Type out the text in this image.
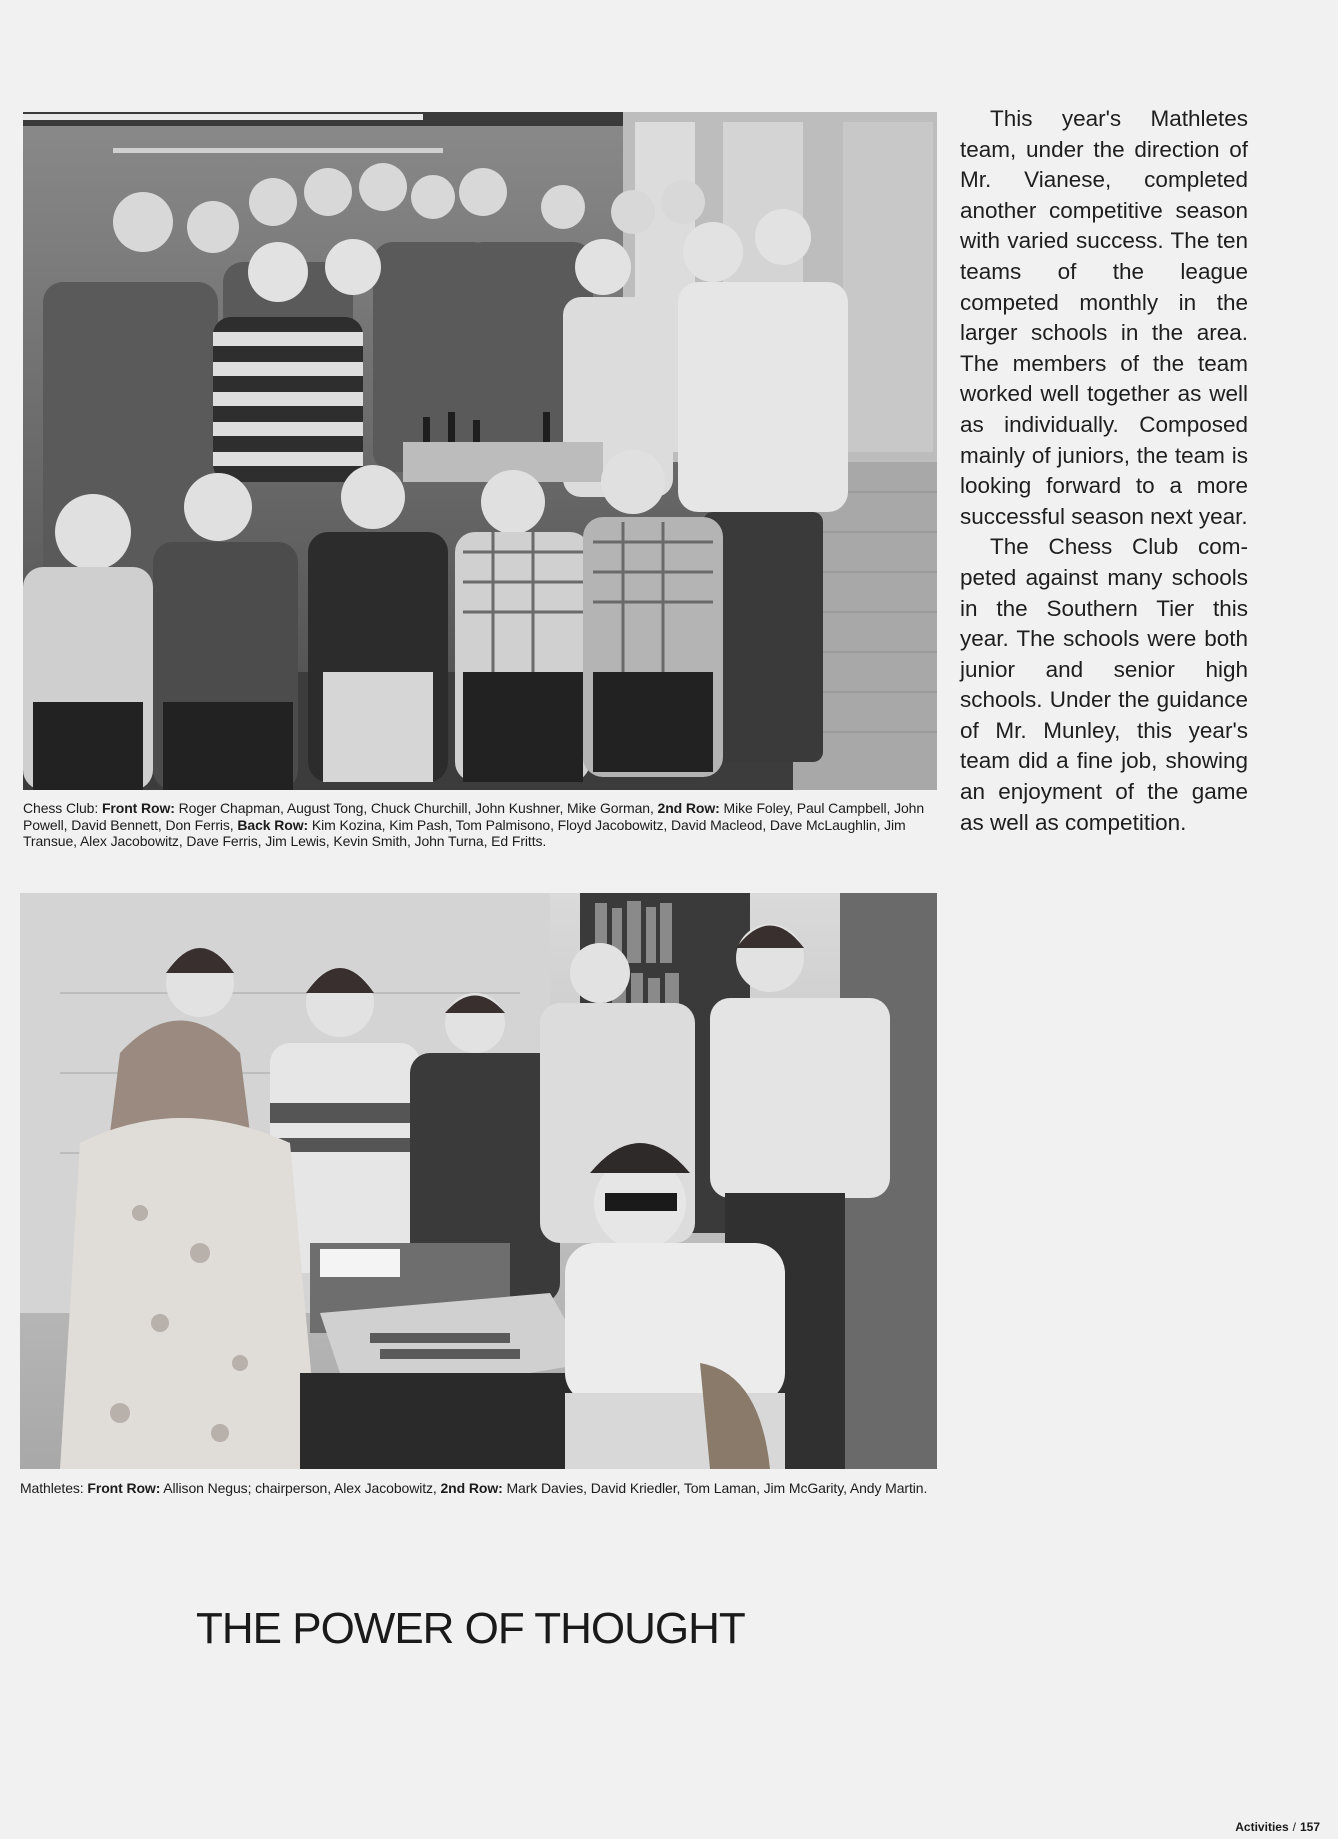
Chess Club: Front Row: Roger Chapman, August Tong, Chuck Churchill, John Kushner, Mike Gorman, 2nd Row: Mike Foley, Paul Campbell, John Powell, David Bennett, Don Ferris, Back Row: Kim Kozina, Kim Pash, Tom Palmisono, Floyd Jacobowitz, David Macleod, Dave McLaughlin, Jim Transue, Alex Jacobowitz, Dave Ferris, Jim Lewis, Kevin Smith, John Turna, Ed Fritts.
Mathletes: Front Row: Allison Negus; chairperson, Alex Jacobowitz, 2nd Row: Mark Davies, David Kriedler, Tom Laman, Jim McGarity, Andy Martin.

This year's Mathletes team, under the direction of Mr. Vianese, completed another competitive season with varied success. The ten teams of the league competed monthly in the larger schools in the area. The members of the team worked well together as well as individually. Composed mainly of juniors, the team is looking forward to a more successful season next year.

The Chess Club competed against many schools in the Southern Tier this year. The schools were both junior and senior high schools. Under the guidance of Mr. Munley, this year's team did a fine job, showing an enjoyment of the game as well as competition.

THE POWER OF THOUGHT
Activities / 157
